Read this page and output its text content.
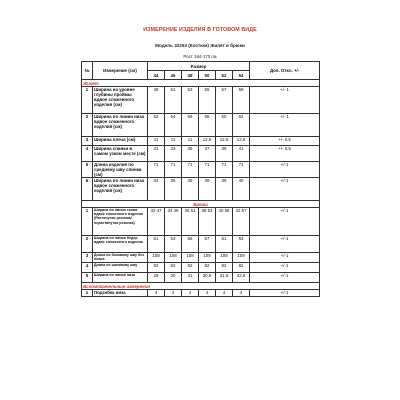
ИЗМЕРЕНИЕ ИЗДЕЛИЯ В ГОТОВОМ ВИДЕ
Модель 32253 (Костюм) Жилет и брюки
Рост 164-170 см
№	Измерение (см)	Размер						Доп. Откл. +/-
		44	46	48	50	52	54	
Жилет								
1	Ширина на уровне глубины проймы вдвое сложенного изделия (см)	49	51	53	55	57	59	+/- 1
2	Ширина по линии низа вдвое сложенного изделия (см)	52	54	56	58	60	62	+/- 1
3	Ширина плеча (см)	11	11	11	12,5	12,5	12,5	+/- 0,5
4	Ширина спинки в самом узком месте (см)	31	33	35	37	39	41	+/- 0,5
5	Длина изделия по среднему шву спинки (см)	71	71	71	71	71	71	+/-1
6	Ширина по линии низа вдвое сложенного изделия (см)	34	36	38	39	39	40	+/-1
Брюки								
1	Ширина по линии талии вдвое сложенного изделия (Растянутая резинка/нерастянутая резинка)	32 47	34 49	36 51	38 53	40 55	42 57	+/-1
2	Ширина по линии бедер вдвое сложенного изделия	51	53	55	57	61	63	+/-1
3	Длина по боковому шву без пояса	108	108	108	109	109	109	+/-1
4	Длина по шаговому шву	82	82	82	82	82	82	+/-1
5	Ширина по линии низа	29	30	31	30,5	31,5	32,5	+/-1
Вспомогательные измерения								
1	Подгибка низа	4	4	4	4	4	4	+/-1
